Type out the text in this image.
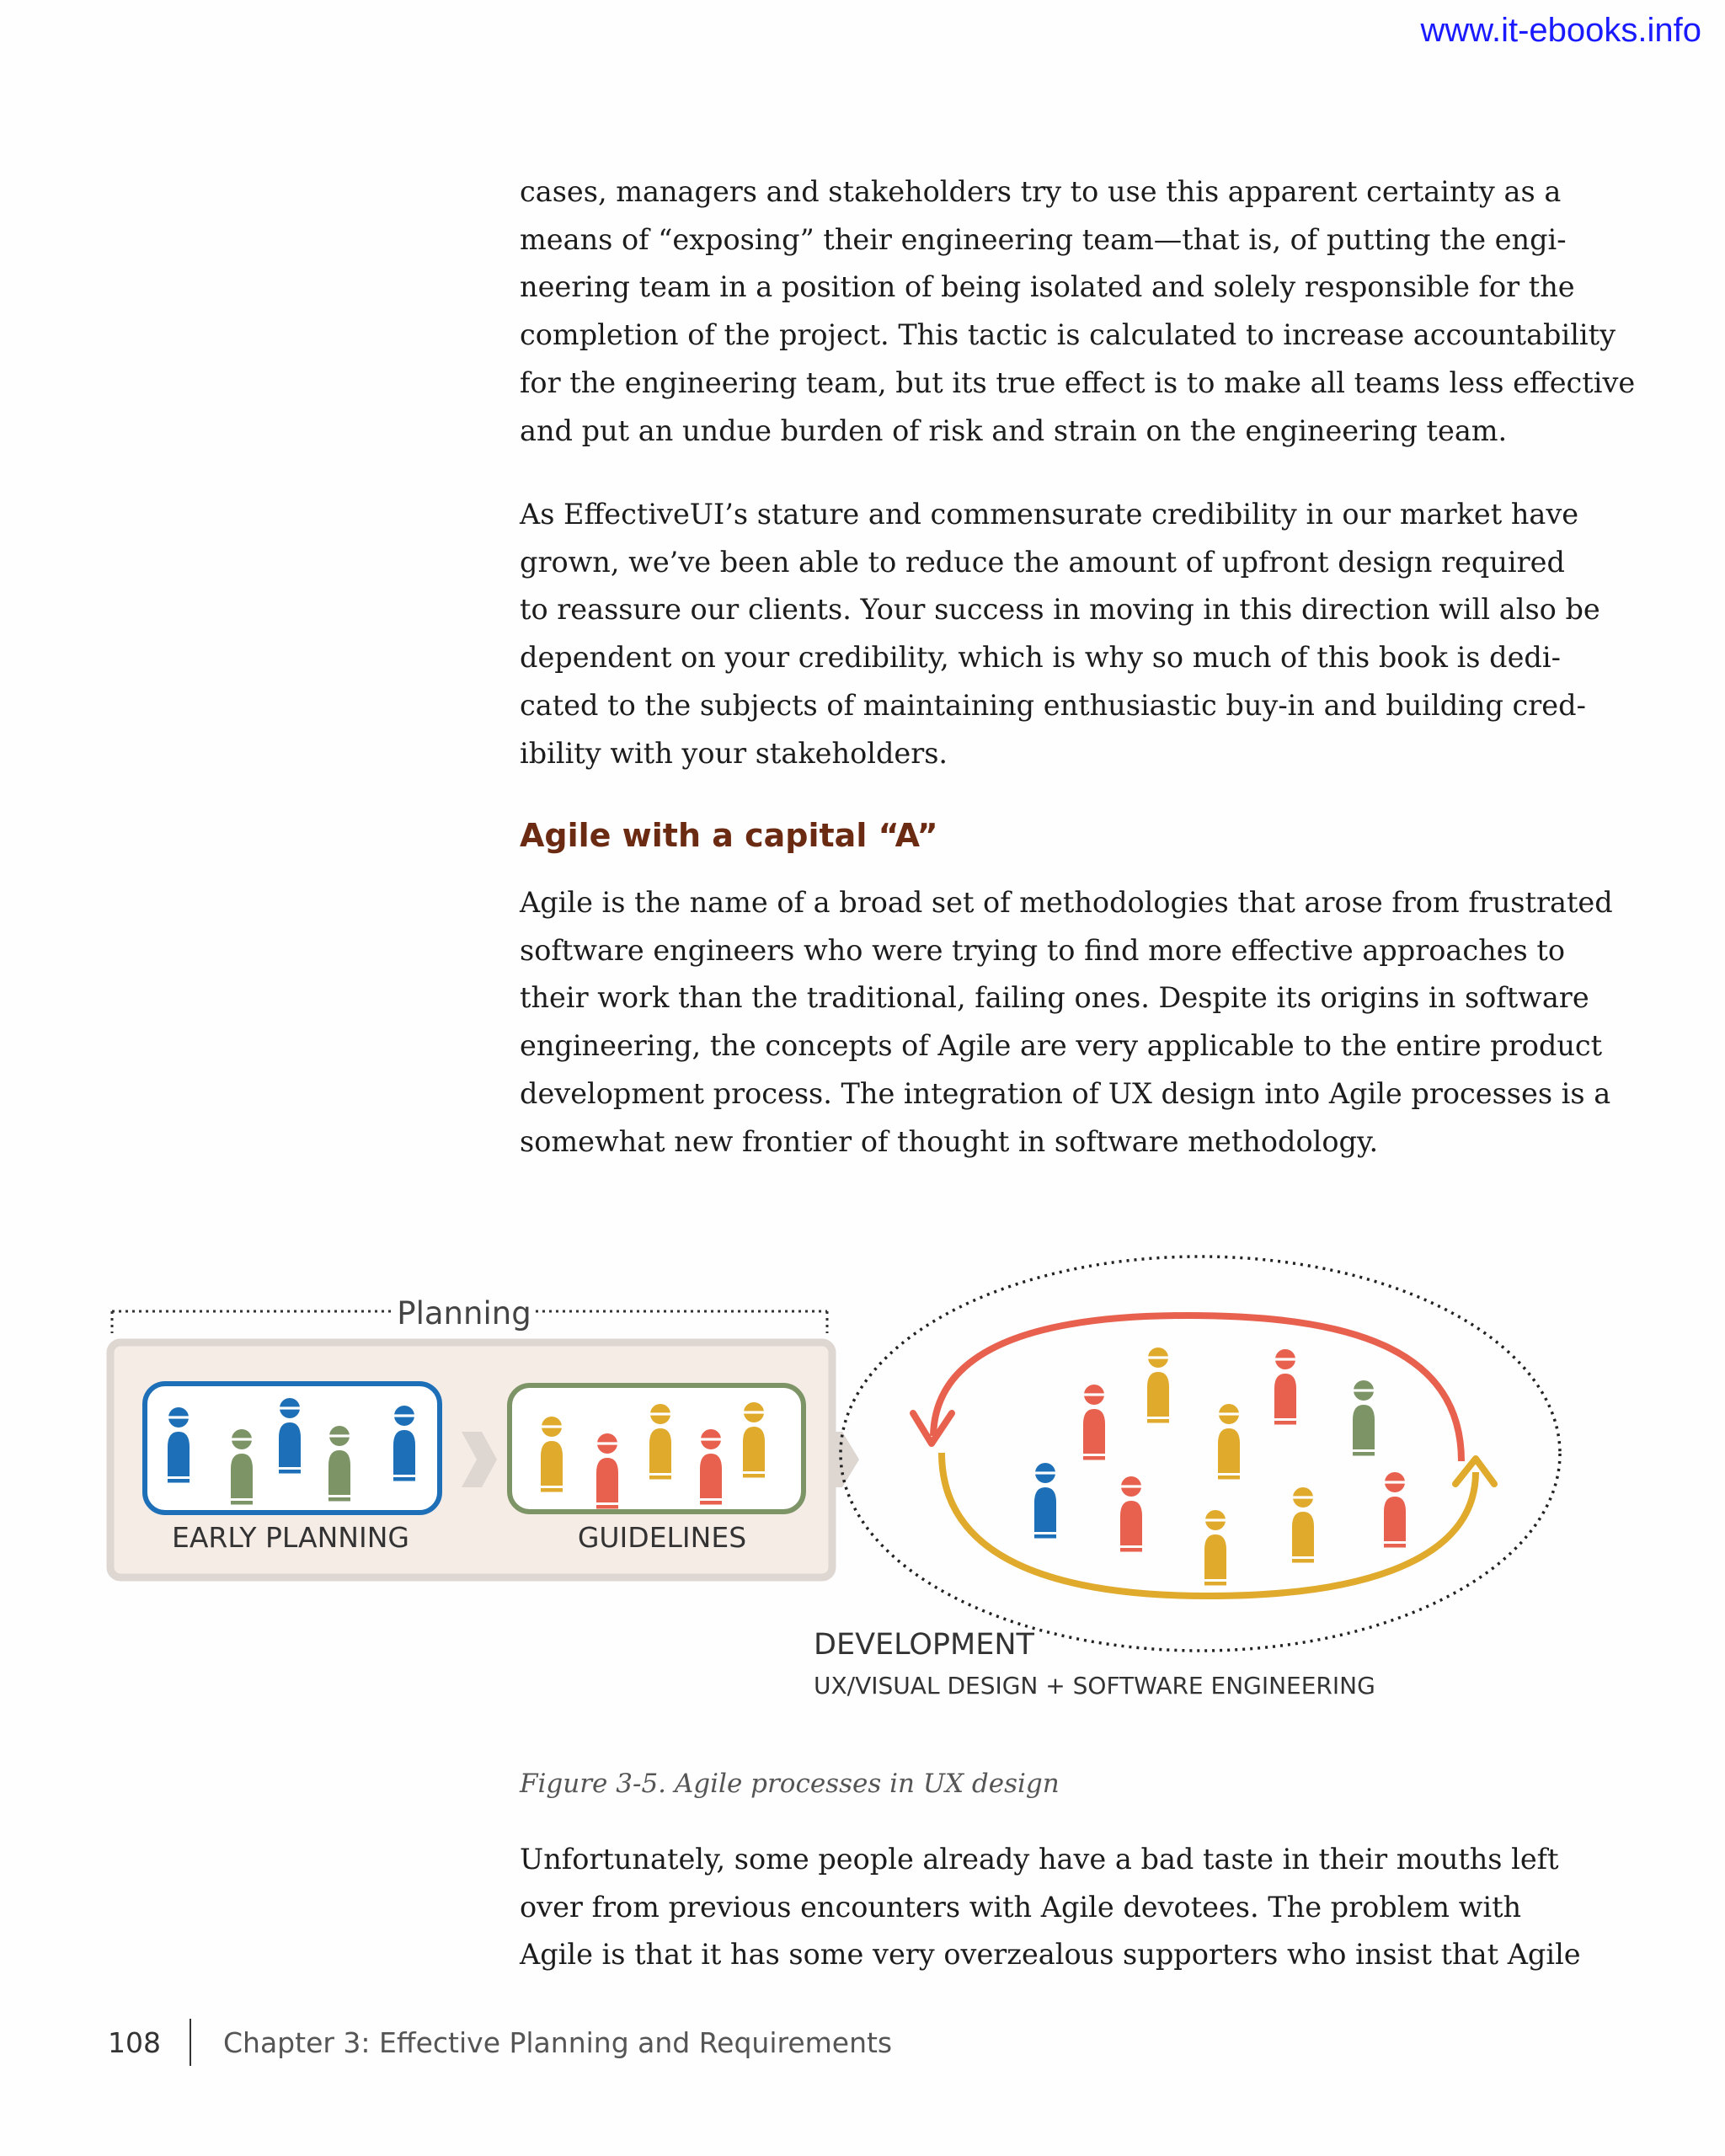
www.it-ebooks.info

cases, managers and stakeholders try to use this apparent certainty as a
means of “exposing” their engineering team—that is, of putting the engi-
neering team in a position of being isolated and solely responsible for the
completion of the project. This tactic is calculated to increase accountability
for the engineering team, but its true effect is to make all teams less effective
and put an undue burden of risk and strain on the engineering team.

As EffectiveUI’s stature and commensurate credibility in our market have
grown, we’ve been able to reduce the amount of upfront design required
to reassure our clients. Your success in moving in this direction will also be
dependent on your credibility, which is why so much of this book is dedi-
cated to the subjects of maintaining enthusiastic buy-in and building cred-
ibility with your stakeholders.

Agile with a capital “A”

Agile is the name of a broad set of methodologies that arose from frustrated
software engineers who were trying to find more effective approaches to
their work than the traditional, failing ones. Despite its origins in software
engineering, the concepts of Agile are very applicable to the entire product
development process. The integration of UX design into Agile processes is a
somewhat new frontier of thought in software methodology.

Planning
EARLY PLANNING	GUIDELINES
DEVELOPMENT
UX/VISUAL DESIGN + SOFTWARE ENGINEERING
Figure 3-5. Agile processes in UX design

Unfortunately, some people already have a bad taste in their mouths left
over from previous encounters with Agile devotees. The problem with
Agile is that it has some very overzealous supporters who insist that Agile

108 Chapter 3: Effective Planning and Requirements
